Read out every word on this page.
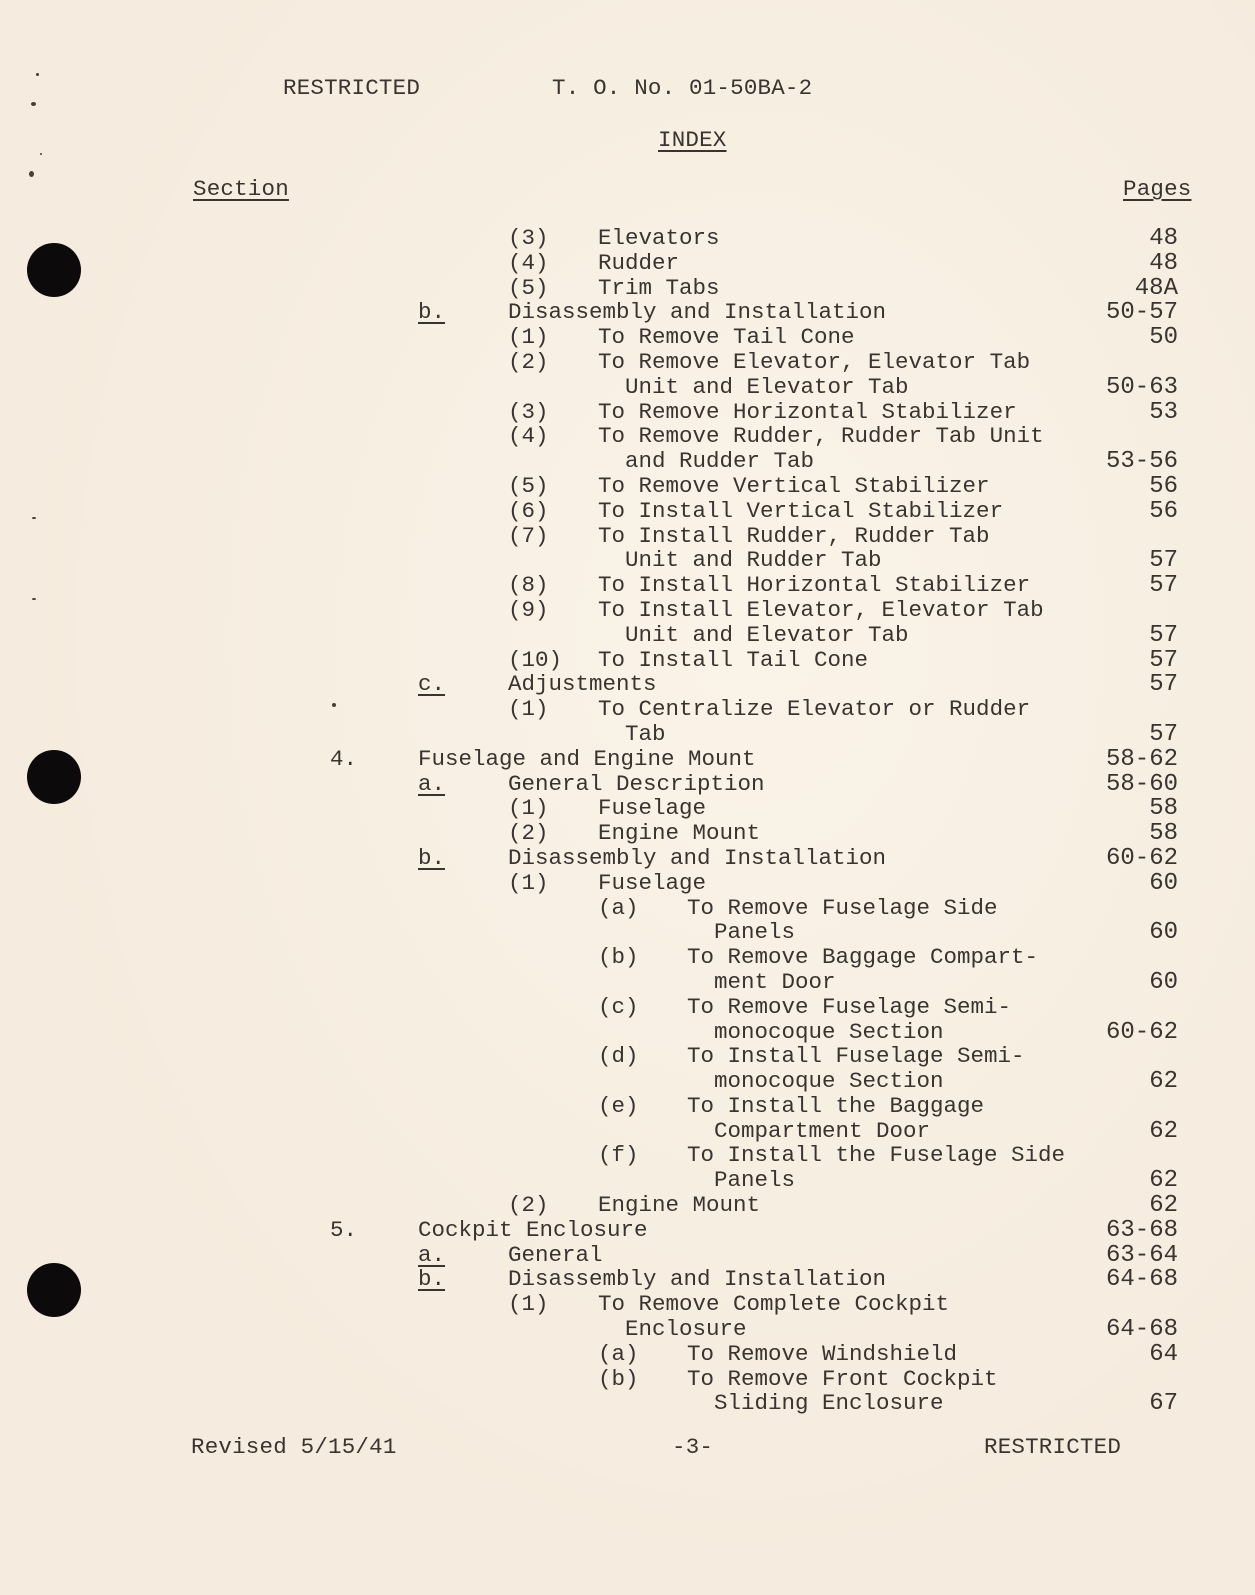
RESTRICTED	T. O. No. 01-50BA-2
INDEX
Section	Pages
(3) Elevators	48
(4) Rudder	48
(5) Trim Tabs	48A
b.	Disassembly and Installation	50-57
(1) To Remove Tail Cone	50
(2) To Remove Elevator, Elevator Tab
Unit and Elevator Tab	50-63
(3) To Remove Horizontal Stabilizer	53
(4) To Remove Rudder, Rudder Tab Unit
and Rudder Tab	53-56
(5) To Remove Vertical Stabilizer	56
(6) To Install Vertical Stabilizer	56
(7) To Install Rudder, Rudder Tab
Unit and Rudder Tab	57
(8) To Install Horizontal Stabilizer	57
(9) To Install Elevator, Elevator Tab
Unit and Elevator Tab	57
(10) To Install Tail Cone	57
c.	Adjustments	57
(1) To Centralize Elevator or Rudder
Tab	57
4.	Fuselage and Engine Mount	58-62
a.	General Description	58-60
(1) Fuselage	58
(2) Engine Mount	58
b.	Disassembly and Installation	60-62
(1) Fuselage	60
(a) To Remove Fuselage Side
Panels	60
(b) To Remove Baggage Compart-
ment Door	60
(c) To Remove Fuselage Semi-
monocoque Section	60-62
(d) To Install Fuselage Semi-
monocoque Section	62
(e) To Install the Baggage
Compartment Door	62
(f) To Install the Fuselage Side
Panels	62
(2) Engine Mount	62
5.	Cockpit Enclosure	63-68
a.	General	63-64
b.	Disassembly and Installation	64-68
(1) To Remove Complete Cockpit
Enclosure	64-68
(a) To Remove Windshield	64
(b) To Remove Front Cockpit
Sliding Enclosure	67
Revised 5/15/41	-3-	RESTRICTED
